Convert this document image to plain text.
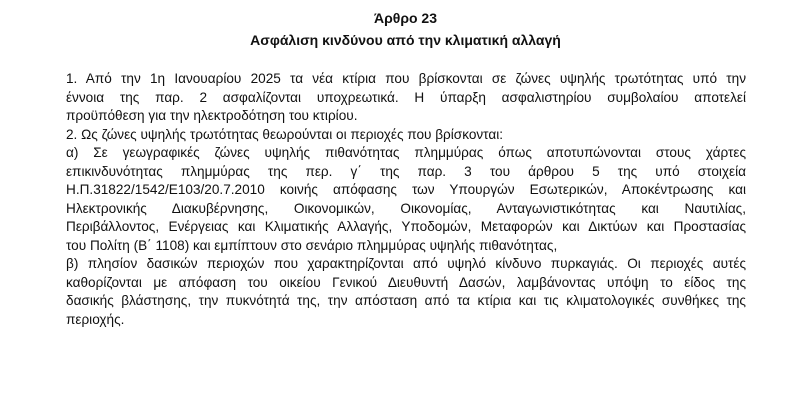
Άρθρο 23
Ασφάλιση κινδύνου από την κλιματική αλλαγή
1. Από την 1η Ιανουαρίου 2025 τα νέα κτίρια που βρίσκονται σε ζώνες υψηλής τρωτότητας υπό την
έννοια της παρ. 2 ασφαλίζονται υποχρεωτικά. Η ύπαρξη ασφαλιστηρίου συμβολαίου αποτελεί
προϋπόθεση για την ηλεκτροδότηση του κτιρίου.
2. Ως ζώνες υψηλής τρωτότητας θεωρούνται οι περιοχές που βρίσκονται:
α) Σε γεωγραφικές ζώνες υψηλής πιθανότητας πλημμύρας όπως αποτυπώνονται στους χάρτες
επικινδυνότητας πλημμύρας της περ. γ΄ της παρ. 3 του άρθρου 5 της υπό στοιχεία
Η.Π.31822/1542/Ε103/20.7.2010 κοινής απόφασης των Υπουργών Εσωτερικών, Αποκέντρωσης και
Ηλεκτρονικής Διακυβέρνησης, Οικονομικών, Οικονομίας, Ανταγωνιστικότητας και Ναυτιλίας,
Περιβάλλοντος, Ενέργειας και Κλιματικής Αλλαγής, Υποδομών, Μεταφορών και Δικτύων και Προστασίας
του Πολίτη (Β΄ 1108) και εμπίπτουν στο σενάριο πλημμύρας υψηλής πιθανότητας,
β) πλησίον δασικών περιοχών που χαρακτηρίζονται από υψηλό κίνδυνο πυρκαγιάς. Οι περιοχές αυτές
καθορίζονται με απόφαση του οικείου Γενικού Διευθυντή Δασών, λαμβάνοντας υπόψη το είδος της
δασικής βλάστησης, την πυκνότητά της, την απόσταση από τα κτίρια και τις κλιματολογικές συνθήκες της
περιοχής.
